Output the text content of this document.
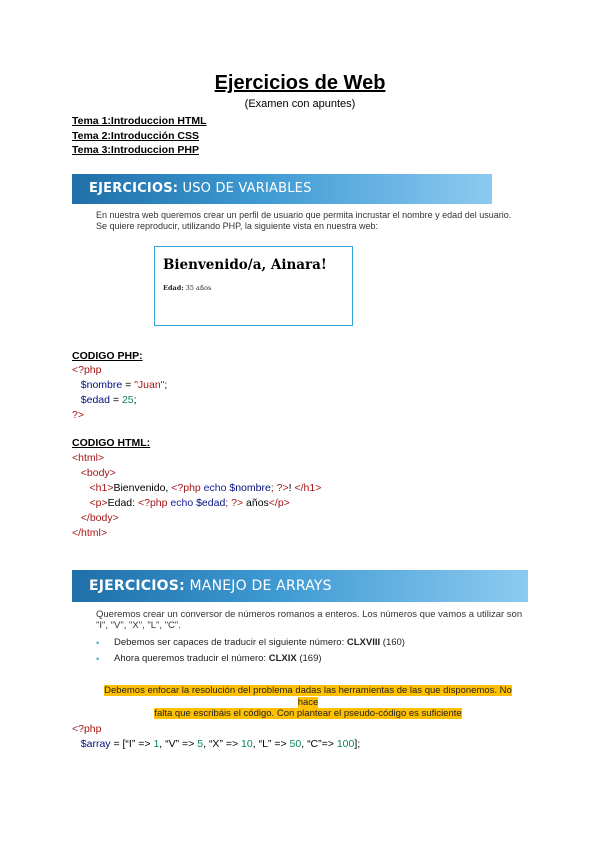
Ejercicios de Web
(Examen con apuntes)
Tema 1:Introduccion HTML
Tema 2:Introducción CSS
Tema 3:Introduccion PHP
EJERCICIOS: USO DE VARIABLES
En nuestra web queremos crear un perfil de usuario que permita incrustar el nombre y edad del usuario.
Se quiere reproducir, utilizando PHP, la siguiente vista en nuestra web:
Bienvenido/a, Ainara!
Edad: 35 años
CODIGO PHP:
<?php
$nombre = "Juan";
$edad = 25;
?>
CODIGO HTML:
<html>
<body>
<h1>Bienvenido, <?php echo $nombre; ?>! </h1>
<p>Edad: <?php echo $edad; ?> años</p>
</body>
</html>
EJERCICIOS: MANEJO DE ARRAYS
Queremos crear un conversor de números romanos a enteros. Los números que vamos a utilizar son
"I", "V", "X", "L", "C".
• Debemos ser capaces de traducir el siguiente número: CLXVIII (160)
• Ahora queremos traducir el número: CLXIX (169)
Debemos enfocar la resolución del problema dadas las herramientas de las que disponemos. No hace
falta que escribáis el código. Con plantear el pseudo-código es suficiente
<?php
$array = [“I” => 1, “V” => 5, “X” => 10, “L” => 50, “C”=> 100];
